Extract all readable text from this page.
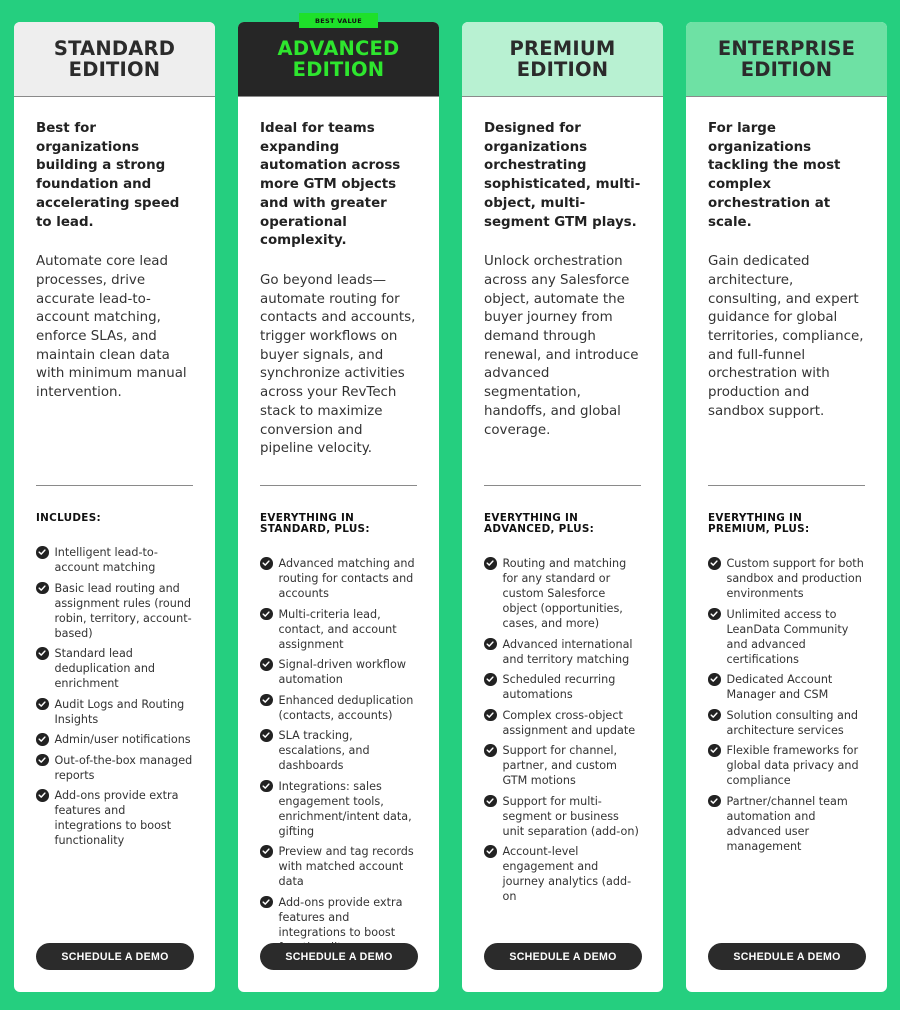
BEST VALUE
STANDARD
EDITION
Best for organizations building a strong foundation and accelerating speed to lead.
Automate core lead processes, drive accurate lead-to-account matching, enforce SLAs, and maintain clean data with minimum manual intervention.
INCLUDES:
Intelligent lead-to-account matching
Basic lead routing and assignment rules (round robin, territory, account-based)
Standard lead deduplication and enrichment
Audit Logs and Routing Insights
Admin/user notifications
Out-of-the-box managed reports
Add-ons provide extra features and integrations to boost functionality
SCHEDULE A DEMO
ADVANCED
EDITION
Ideal for teams expanding automation across more GTM objects and with greater operational complexity.
Go beyond leads—automate routing for contacts and accounts, trigger workflows on buyer signals, and synchronize activities across your RevTech stack to maximize conversion and pipeline velocity.
EVERYTHING IN STANDARD, PLUS:
Advanced matching and routing for contacts and accounts
Multi-criteria lead, contact, and account assignment
Signal-driven workflow automation
Enhanced deduplication (contacts, accounts)
SLA tracking, escalations, and dashboards
Integrations: sales engagement tools, enrichment/intent data, gifting
Preview and tag records with matched account data
Add-ons provide extra features and integrations to boost
SCHEDULE A DEMO
PREMIUM
EDITION
Designed for organizations orchestrating sophisticated, multi-object, multi-segment GTM plays.
Unlock orchestration across any Salesforce object, automate the buyer journey from demand through renewal, and introduce advanced segmentation, handoffs, and global coverage.
EVERYTHING IN ADVANCED, PLUS:
Routing and matching for any standard or custom Salesforce object (opportunities, cases, and more)
Advanced international and territory matching
Scheduled recurring automations
Complex cross-object assignment and update
Support for channel, partner, and custom GTM motions
Support for multi-segment or business unit separation (add-on)
Account-level engagement and journey analytics (add-on
SCHEDULE A DEMO
ENTERPRISE
EDITION
For large organizations tackling the most complex orchestration at scale.
Gain dedicated architecture, consulting, and expert guidance for global territories, compliance, and full-funnel orchestration with production and sandbox support.
EVERYTHING IN PREMIUM, PLUS:
Custom support for both sandbox and production environments
Unlimited access to LeanData Community and advanced certifications
Dedicated Account Manager and CSM
Solution consulting and architecture services
Flexible frameworks for global data privacy and compliance
Partner/channel team automation and advanced user management
SCHEDULE A DEMO
